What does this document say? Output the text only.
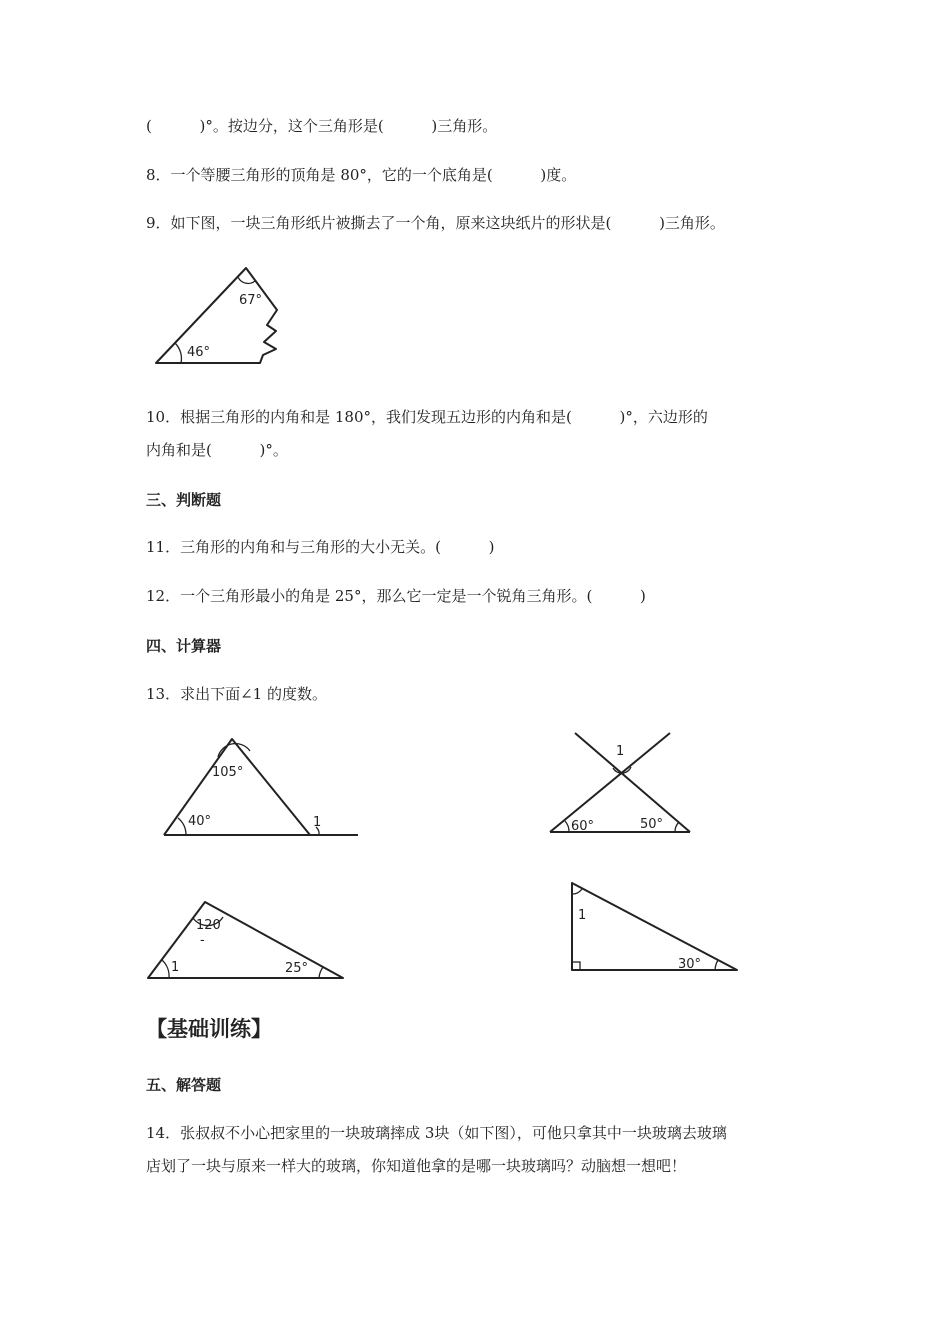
(          )°。按边分，这个三角形是(          )三角形。
8．一个等腰三角形的顶角是 80°，它的一个底角是(          )度。
9．如下图，一块三角形纸片被撕去了一个角，原来这块纸片的形状是(          )三角形。
67°
46°
10．根据三角形的内角和是 180°，我们发现五边形的内角和是(          )°，六边形的
内角和是(          )°。
三、判断题
11．三角形的内角和与三角形的大小无关。(          )
12．一个三角形最小的角是 25°，那么它一定是一个锐角三角形。(          )
四、计算器
13．求出下面∠1 的度数。
105°
40°	1
1
60°	50°
120
-
1	25°
1
30°
【基础训练】
五、解答题
14．张叔叔不小心把家里的一块玻璃摔成 3块（如下图），可他只拿其中一块玻璃去玻璃
店划了一块与原来一样大的玻璃，你知道他拿的是哪一块玻璃吗？动脑想一想吧！
